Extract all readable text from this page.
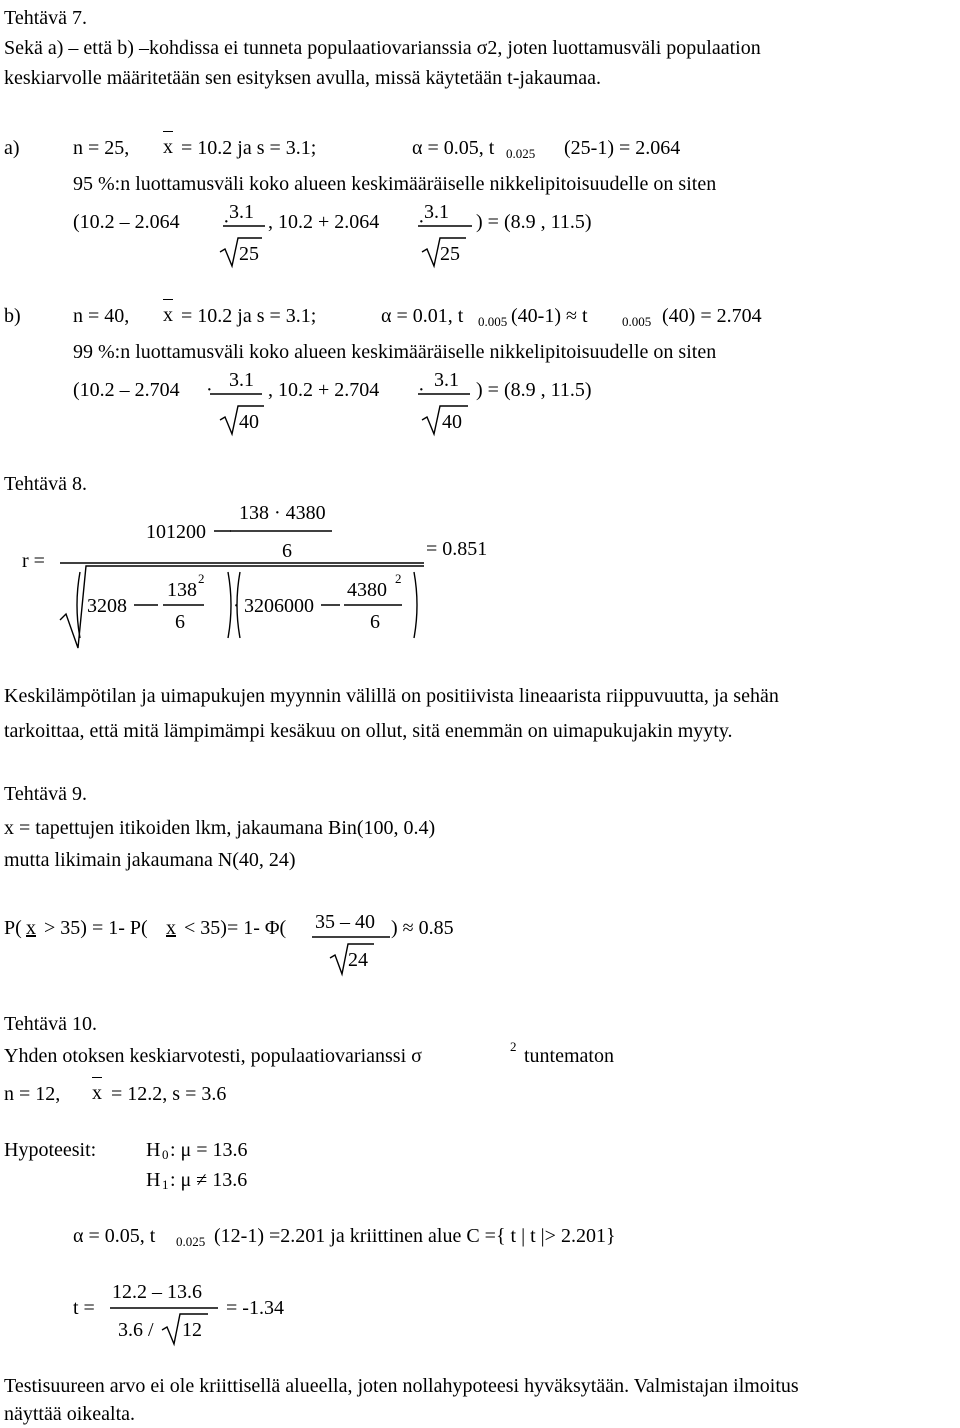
Tehtävä 7.
Sekä a) – että b) –kohdissa ei tunneta populaatiovarianssia σ2, joten luottamusväli populaation
keskiarvolle määritetään sen esityksen avulla, missä käytetään t-jakaumaa.
a)	n = 25, x = 10.2 ja s = 3.1;	α = 0.05, t 0.025 (25-1) = 2.064
95 %:n luottamusväli koko alueen keskimääräiselle nikkelipitoisuudelle on siten
(10.2 – 2.064 · 3.1
25
, 10.2 + 2.064 · 3.1
25
) = (8.9 , 11.5)
b)	n = 40, x = 10.2 ja s = 3.1;	α = 0.01, t 0.005 (40-1) ≈ t	0.005 (40) = 2.704
99 %:n luottamusväli koko alueen keskimääräiselle nikkelipitoisuudelle on siten
(10.2 – 2.704 · 3.1
40
, 10.2 + 2.704 · 3.1
40
) = (8.9 , 11.5)
Tehtävä 8.
r =
101200
138 · 4380
6	= 0.851
3208
138
2
6
· 3206000
4380
2
6
Keskilämpötilan ja uimapukujen myynnin välillä on positiivista lineaarista riippuvuutta, ja sehän
tarkoittaa, että mitä lämpimämpi kesäkuu on ollut, sitä enemmän on uimapukujakin myyty.
Tehtävä 9.
x = tapettujen itikoiden lkm, jakaumana Bin(100, 0.4)
mutta likimain jakaumana N(40, 24)
P( x > 35) = 1- P( x < 35)= 1- Φ( 35 – 40
24
) ≈ 0.85
Tehtävä 10.
Yhden otoksen keskiarvotesti, populaatiovarianssi σ	2 tuntematon
n = 12, x = 12.2, s = 3.6
Hypoteesit: H 0 : μ = 13.6
H 1 : μ ≠ 13.6
α = 0.05, t 0.025 (12-1) =2.201 ja kriittinen alue C ={ t | t |> 2.201}
t =
12.2 – 13.6
3.6 / 12
= -1.34
Testisuureen arvo ei ole kriittisellä alueella, joten nollahypoteesi hyväksytään. Valmistajan ilmoitus
näyttää oikealta.
